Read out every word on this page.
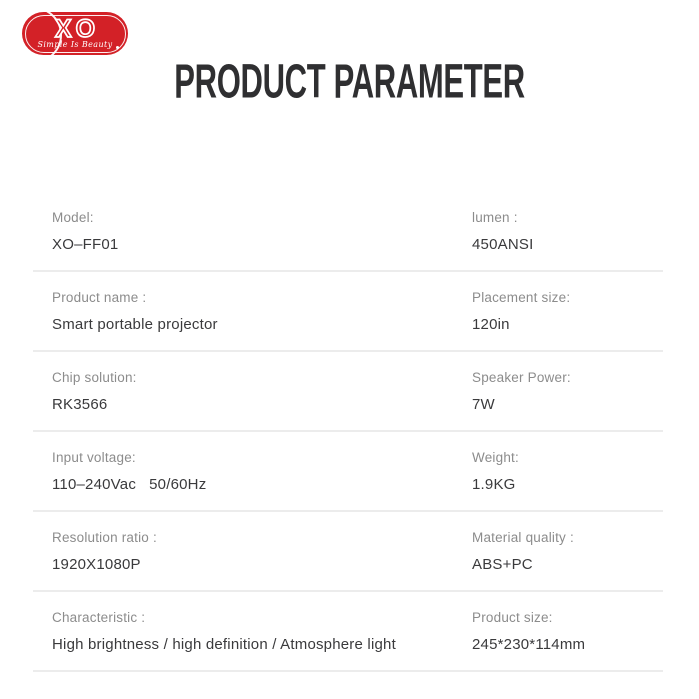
XO
Simple Is Beauty
PRODUCT PARAMETER
Model:
XO–FF01
lumen :
450ANSI
Product name :
Smart portable projector
Placement size:
120in
Chip solution:
RK3566
Speaker Power:
7W
Input voltage:
110–240Vac   50/60Hz
Weight:
1.9KG
Resolution ratio :
1920X1080P
Material quality :
ABS+PC
Characteristic :
High brightness / high definition / Atmosphere light
Product size:
245*230*114mm
